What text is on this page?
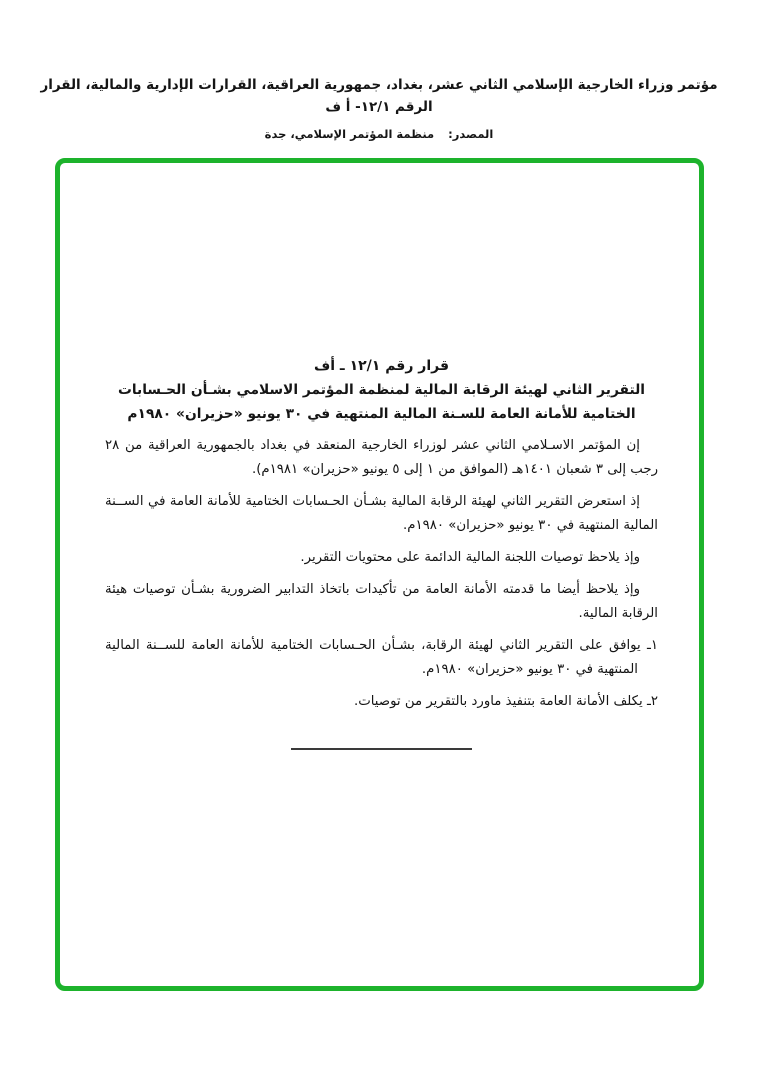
مؤتمر وزراء الخارجية الإسلامي الثاني عشر، بغداد، جمهورية العراقية، القرارات الإدارية والمالية، القرار الرقم ١٢/١- أ ف
المصدر: منظمة المؤتمر الإسلامي، جدة
قرار رقم ١٢/١ ـ أف
التقرير الثاني لهيئة الرقابة المالية لمنظمة المؤتمر الاسلامي بشـأن الحـسابات الختامية للأمانة العامة للسـنة المالية المنتهية في ٣٠ يونيو «حزيران» ١٩٨٠م

إن المؤتمر الاسـلامي الثاني عشر لوزراء الخارجية المنعقد في بغداد بالجمهورية العراقية من ٢٨ رجب إلى ٣ شعبان ١٤٠١هـ (الموافق من ١ إلى ٥ يونيو «حزيران» ١٩٨١م).

إذ استعرض التقرير الثاني لهيئة الرقابة المالية بشـأن الحـسابات الختامية للأمانة العامة في الســنة المالية المنتهية في ٣٠ يونيو «حزيران» ١٩٨٠م.

وإذ يلاحظ توصيات اللجنة المالية الدائمة على محتويات التقرير.

وإذ يلاحظ أيضا ما قدمته الأمانة العامة من تأكيدات باتخاذ التدابير الضرورية بشـأن توصيات هيئة الرقابة المالية.

١ـ يوافق على التقرير الثاني لهيئة الرقابة، بشـأن الحـسابات الختامية للأمانة العامة للســنة المالية المنتهية في ٣٠ يونيو «حزيران» ١٩٨٠م.

٢ـ يكلف الأمانة العامة بتنفيذ ماورد بالتقرير من توصيات.
